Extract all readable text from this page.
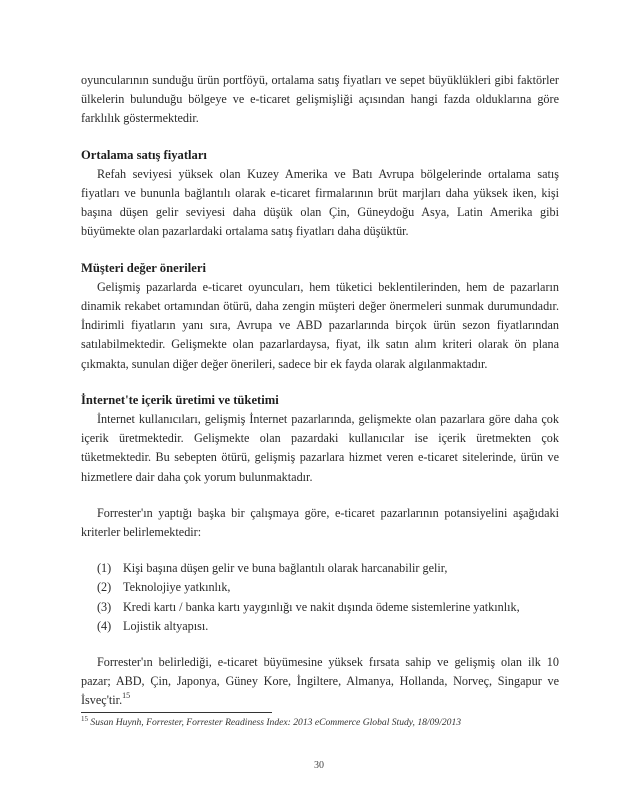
oyuncularının sunduğu ürün portföyü, ortalama satış fiyatları ve sepet büyüklükleri gibi faktörler ülkelerin bulunduğu bölgeye ve e-ticaret gelişmişliği açısından hangi fazda olduklarına göre farklılık göstermektedir.

Ortalama satış fiyatları

Refah seviyesi yüksek olan Kuzey Amerika ve Batı Avrupa bölgelerinde ortalama satış fiyatları ve bununla bağlantılı olarak e-ticaret firmalarının brüt marjları daha yüksek iken, kişi başına düşen gelir seviyesi daha düşük olan Çin, Güneydoğu Asya, Latin Amerika gibi büyümekte olan pazarlardaki ortalama satış fiyatları daha düşüktür.

Müşteri değer önerileri

Gelişmiş pazarlarda e-ticaret oyuncuları, hem tüketici beklentilerinden, hem de pazarların dinamik rekabet ortamından ötürü, daha zengin müşteri değer önermeleri sunmak durumundadır. İndirimli fiyatların yanı sıra, Avrupa ve ABD pazarlarında birçok ürün sezon fiyatlarından satılabilmektedir. Gelişmekte olan pazarlardaysa, fiyat, ilk satın alım kriteri olarak ön plana çıkmakta, sunulan diğer değer önerileri, sadece bir ek fayda olarak algılanmaktadır.

İnternet'te içerik üretimi ve tüketimi

İnternet kullanıcıları, gelişmiş İnternet pazarlarında, gelişmekte olan pazarlara göre daha çok içerik üretmektedir. Gelişmekte olan pazardaki kullanıcılar ise içerik üretmekten çok tüketmektedir. Bu sebepten ötürü, gelişmiş pazarlara hizmet veren e-ticaret sitelerinde, ürün ve hizmetlere dair daha çok yorum bulunmaktadır.

Forrester'ın yaptığı başka bir çalışmaya göre, e-ticaret pazarlarının potansiyelini aşağıdaki kriterler belirlemektedir:

(1) Kişi başına düşen gelir ve buna bağlantılı olarak harcanabilir gelir,
(2) Teknolojiye yatkınlık,
(3) Kredi kartı / banka kartı yaygınlığı ve nakit dışında ödeme sistemlerine yatkınlık,
(4) Lojistik altyapısı.

Forrester'ın belirlediği, e-ticaret büyümesine yüksek fırsata sahip ve gelişmiş olan ilk 10 pazar; ABD, Çin, Japonya, Güney Kore, İngiltere, Almanya, Hollanda, Norveç, Singapur ve İsveç'tir.$^{15}$

$^{15}$ Susan Huynh, Forrester, Forrester Readiness Index: 2013 eCommerce Global Study, 18/09/2013
30
